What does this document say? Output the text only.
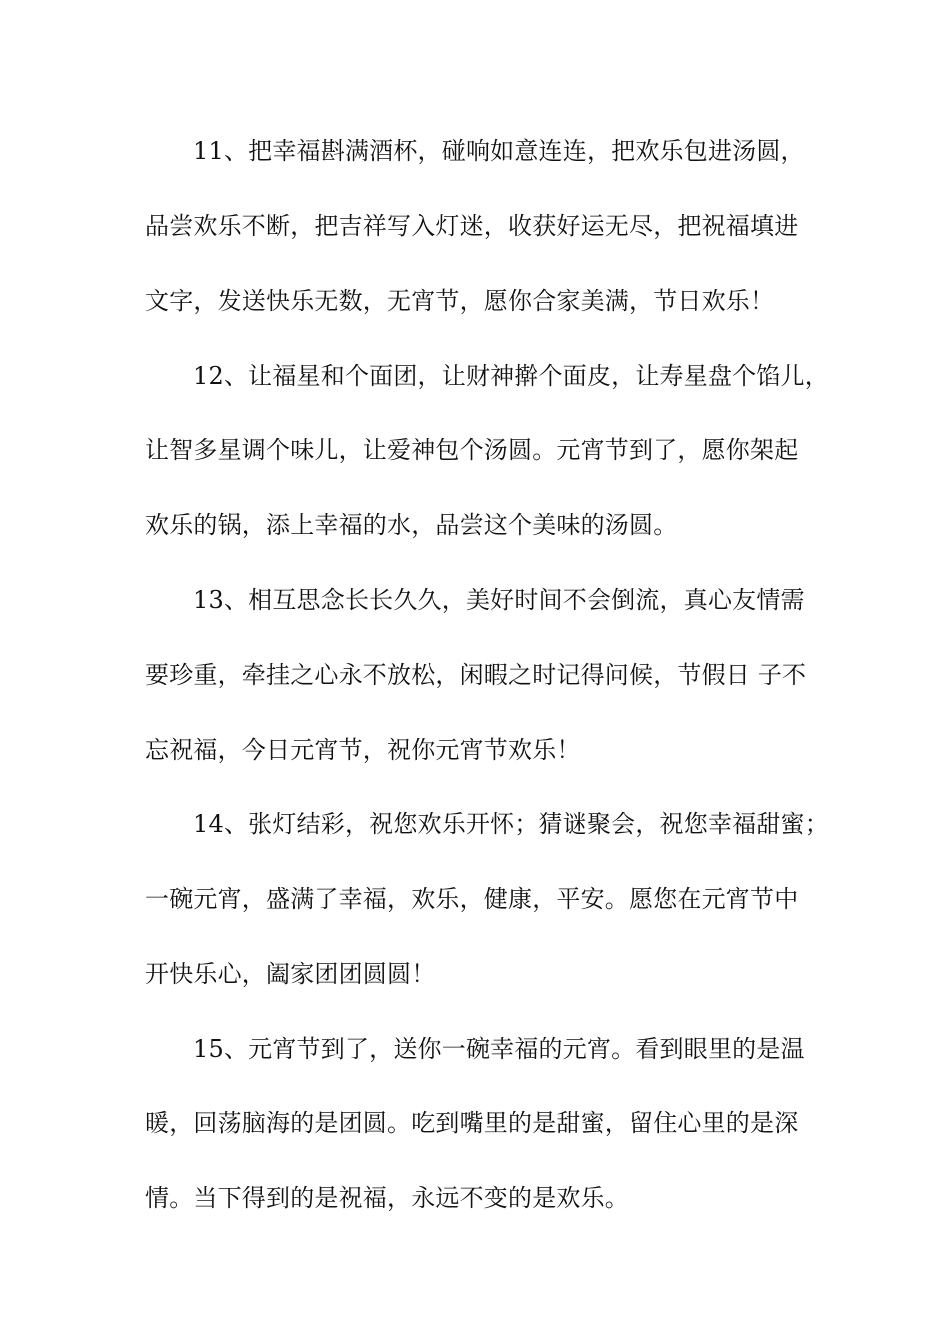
11、把幸福斟满酒杯，碰响如意连连，把欢乐包进汤圆，
品尝欢乐不断，把吉祥写入灯迷，收获好运无尽，把祝福填进
文字，发送快乐无数，无宵节，愿你合家美满，节日欢乐！
12、让福星和个面团，让财神擀个面皮，让寿星盘个馅儿，
让智多星调个味儿，让爱神包个汤圆。元宵节到了，愿你架起
欢乐的锅，添上幸福的水，品尝这个美味的汤圆。
13、相互思念长长久久，美好时间不会倒流，真心友情需
要珍重，牵挂之心永不放松，闲暇之时记得问候，节假日 子不
忘祝福，今日元宵节，祝你元宵节欢乐！
14、张灯结彩，祝您欢乐开怀；猜谜聚会，祝您幸福甜蜜；
一碗元宵，盛满了幸福，欢乐，健康，平安。愿您在元宵节中
开快乐心，阖家团团圆圆！
15、元宵节到了，送你一碗幸福的元宵。看到眼里的是温
暖，回荡脑海的是团圆。吃到嘴里的是甜蜜，留住心里的是深
情。当下得到的是祝福，永远不变的是欢乐。
